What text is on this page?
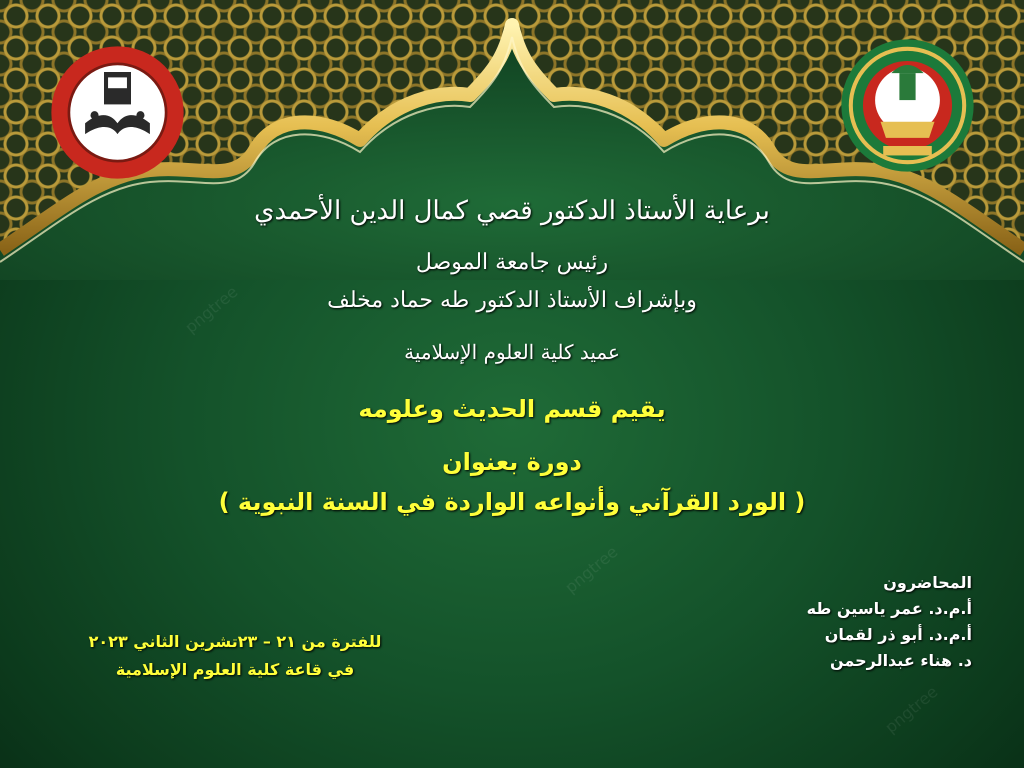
برعاية الأستاذ الدكتور قصي كمال الدين الأحمدي

رئيس جامعة الموصل

وبإشراف الأستاذ الدكتور طه حماد مخلف

عميد كلية العلوم الإسلامية

يقيم قسم الحديث وعلومه

دورة بعنوان

( الورد القرآني وأنواعه الواردة في السنة النبوية )

المحاضرون
أ.م.د. عمر ياسين طه
أ.م.د. أبو ذر لقمان
د. هناء عبدالرحمن
للفترة من ٢١ – ٢٣تشرين الثاني ٢٠٢٣
في قاعة كلية العلوم الإسلامية
pngtree
pngtree
pngtree
